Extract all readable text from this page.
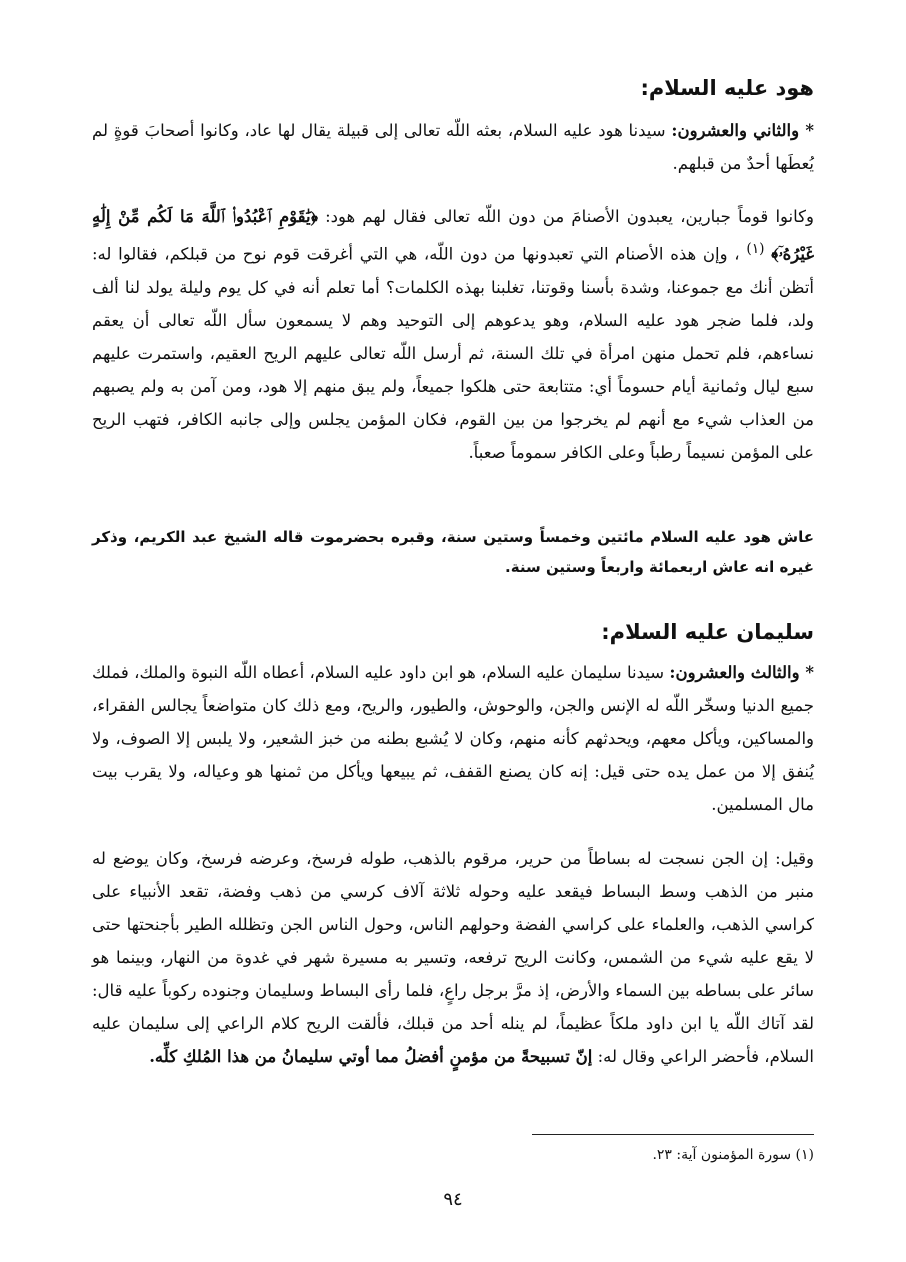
هود عليه السلام:
* والثاني والعشرون: سيدنا هود عليه السلام، بعثه اللّه تعالى إلى قبيلة يقال لها عاد، وكانوا أصحابَ قوةٍ لم يُعطَها أحدٌ من قبلهم.
وكانوا قوماً جبارين، يعبدون الأصنامَ من دون اللّه تعالى فقال لهم هود: ﴿يَٰقَوْمِ ٱعْبُدُوا۟ ٱللَّهَ مَا لَكُم مِّنْ إِلَٰهٍ غَيْرُهُۥٓ﴾ $^{(١)}$ ، وإن هذه الأصنام التي تعبدونها من دون اللّه، هي التي أغرقت قوم نوح من قبلكم، فقالوا له: أتظن أنك مع جموعنا، وشدة بأسنا وقوتنا، تغلبنا بهذه الكلمات؟ أما تعلم أنه في كل يوم وليلة يولد لنا ألف ولد، فلما ضجر هود عليه السلام، وهو يدعوهم إلى التوحيد وهم لا يسمعون سأل اللّه تعالى أن يعقم نساءهم، فلم تحمل منهن امرأة في تلك السنة، ثم أرسل اللّه تعالى عليهم الريح العقيم، واستمرت عليهم سبع ليال وثمانية أيام حسوماً أي: متتابعة حتى هلكوا جميعاً، ولم يبق منهم إلا هود، ومن آمن به ولم يصبهم من العذاب شيء مع أنهم لم يخرجوا من بين القوم، فكان المؤمن يجلس وإلى جانبه الكافر، فتهب الريح على المؤمن نسيماً رطباً وعلى الكافر سموماً صعباً.
عاش هود عليه السلام مائتين وخمساً وستين سنة، وقبره بحضرموت قاله الشيخ عبد الكريم، وذكر غيره انه عاش اربعمائة واربعاً وستين سنة.
سليمان عليه السلام:
* والثالث والعشرون: سيدنا سليمان عليه السلام، هو ابن داود عليه السلام، أعطاه اللّه النبوة والملك، فملك جميع الدنيا وسخّر اللّه له الإنس والجن، والوحوش، والطيور، والريح، ومع ذلك كان متواضعاً يجالس الفقراء، والمساكين، ويأكل معهم، ويحدثهم كأنه منهم، وكان لا يُشبع بطنه من خبز الشعير، ولا يلبس إلا الصوف، ولا يُنفق إلا من عمل يده حتى قيل: إنه كان يصنع القفف، ثم يبيعها ويأكل من ثمنها هو وعياله، ولا يقرب بيت مال المسلمين.
وقيل: إن الجن نسجت له بساطاً من حرير، مرقوم بالذهب، طوله فرسخ، وعرضه فرسخ، وكان يوضع له منبر من الذهب وسط البساط فيقعد عليه وحوله ثلاثة آلاف كرسي من ذهب وفضة، تقعد الأنبياء على كراسي الذهب، والعلماء على كراسي الفضة وحولهم الناس، وحول الناس الجن وتظلله الطير بأجنحتها حتى لا يقع عليه شيء من الشمس، وكانت الريح ترفعه، وتسير به مسيرة شهر في غدوة من النهار، وبينما هو سائر على بساطه بين السماء والأرض، إذ مرَّ برجل راعٍ، فلما رأى البساط وسليمان وجنوده ركوباً عليه قال: لقد آتاك اللّه يا ابن داود ملكاً عظيماً، لم ينله أحد من قبلك، فألقت الريح كلام الراعي إلى سليمان عليه السلام، فأحضر الراعي وقال له: إنّ تسبيحةً من مؤمنٍ أفضلُ مما أوتي سليمانُ من هذا المُلكِ كلِّه.
(١) سورة المؤمنون آية: ٢٣.
٩٤
